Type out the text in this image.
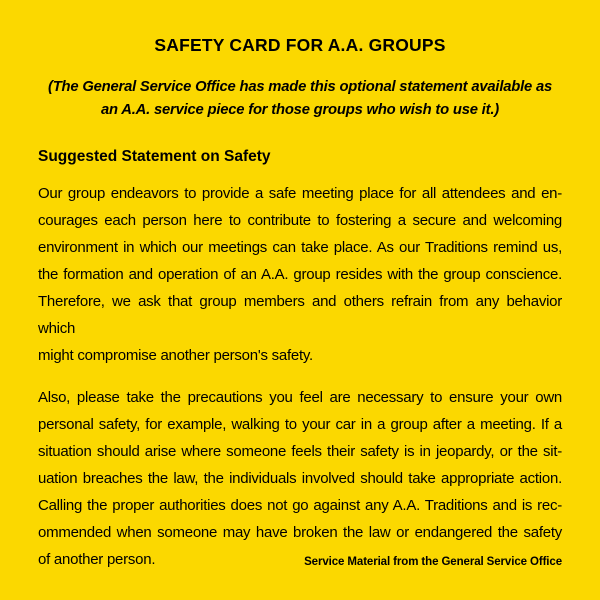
SAFETY CARD FOR A.A. GROUPS
(The General Service Office has made this optional statement available as
an A.A. service piece for those groups who wish to use it.)
Suggested Statement on Safety
Our group endeavors to provide a safe meeting place for all attendees and en-
courages each person here to contribute to fostering a secure and welcoming
environment in which our meetings can take place. As our Traditions remind us,
the formation and operation of an A.A. group resides with the group conscience.
Therefore, we ask that group members and others refrain from any behavior which
might compromise another person's safety.
Also, please take the precautions you feel are necessary to ensure your own
personal safety, for example, walking to your car in a group after a meeting. If a
situation should arise where someone feels their safety is in jeopardy, or the sit-
uation breaches the law, the individuals involved should take appropriate action.
Calling the proper authorities does not go against any A.A. Traditions and is rec-
ommended when someone may have broken the law or endangered the safety
of another person.	Service Material from the General Service Office
